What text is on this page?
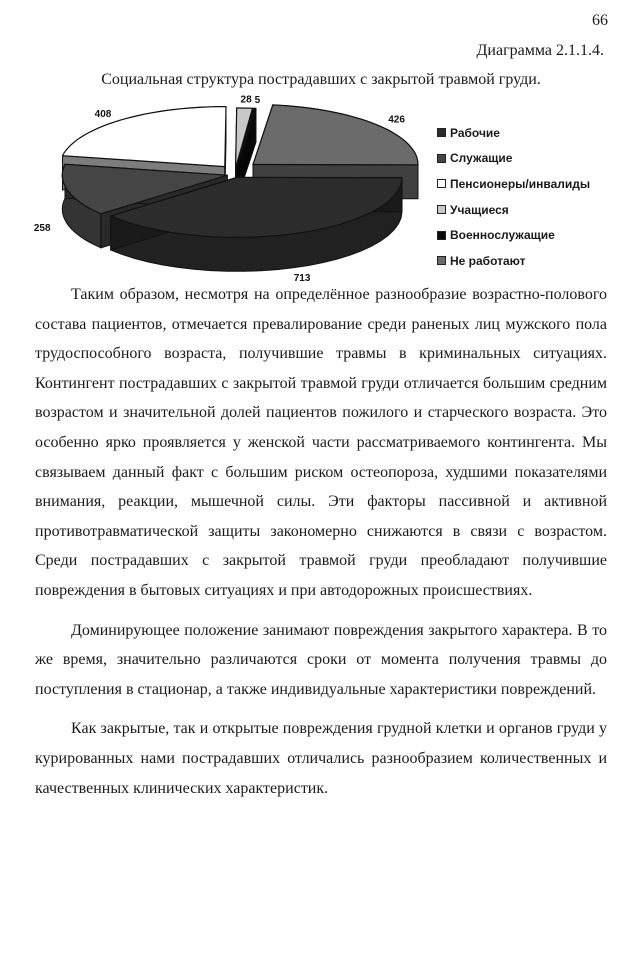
66
Диаграмма 2.1.1.4.
Социальная структура пострадавших с закрытой травмой груди.
426
713
258
408
28 5
Рабочие
Служащие
Пенсионеры/инвалиды
Учащиеся
Военнослужащие
Не работают

Таким образом, несмотря на определённое разнообразие возрастно-полового состава пациентов, отмечается превалирование среди раненых лиц мужского пола трудоспособного возраста, получившие травмы в криминальных ситуациях. Контингент пострадавших с закрытой травмой груди отличается большим средним возрастом и значительной долей пациентов пожилого и старческого возраста. Это особенно ярко проявляется у женской части рассматриваемого контингента. Мы связываем данный факт с большим риском остеопороза, худшими показателями внимания, реакции, мышечной силы. Эти факторы пассивной и активной противотравматической защиты закономерно снижаются в связи с возрастом. Среди пострадавших с закрытой травмой груди преобладают получившие повреждения в бытовых ситуациях и при автодорожных происшествиях.

Доминирующее положение занимают повреждения закрытого характера. В то же время, значительно различаются сроки от момента получения травмы до поступления в стационар, а также индивидуальные характеристики повреждений.

Как закрытые, так и открытые повреждения грудной клетки и органов груди у курированных нами пострадавших отличались разнообразием количественных и качественных клинических характеристик.
